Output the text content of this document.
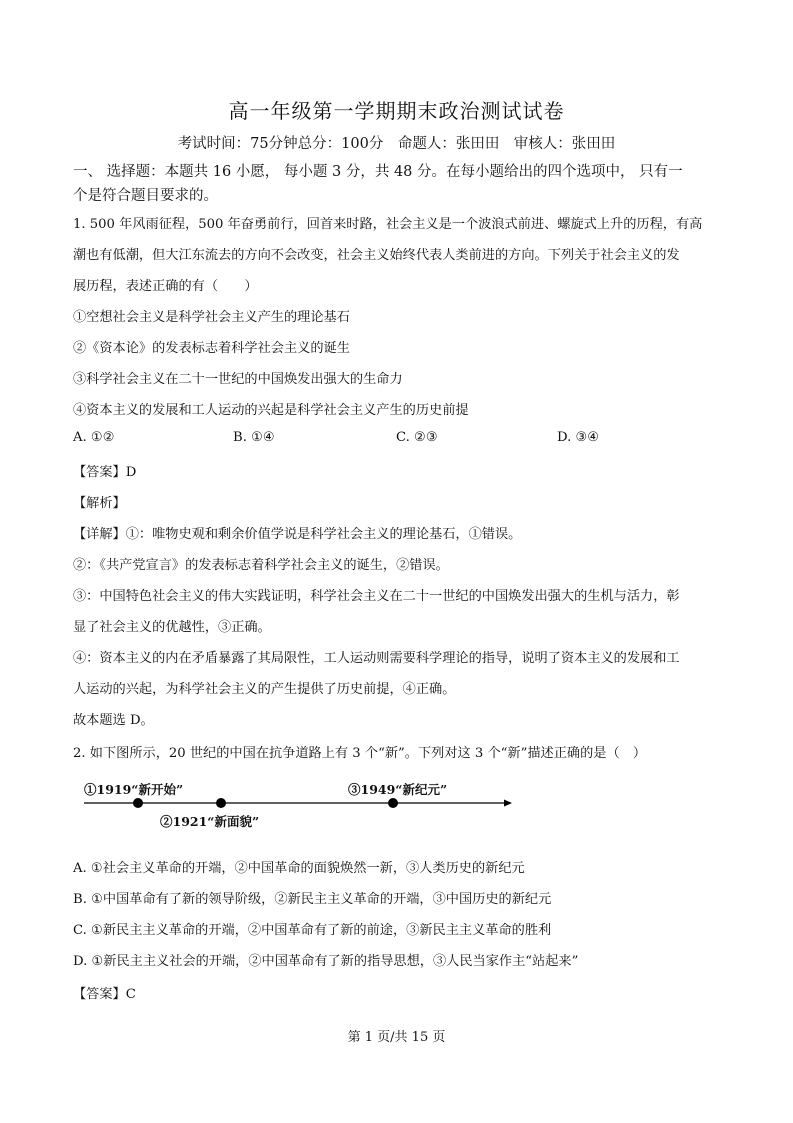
高一年级第一学期期末政治测试试卷
考试时间：75分钟总分：100分　命题人：张田田　审核人：张田田
一、 选择题：本题共 16 小愿， 每小题 3 分，共 48 分。在每小题给出的四个选项中， 只有一
个是符合题目要求的。
1. 500 年风雨征程，500 年奋勇前行，回首来时路，社会主义是一个波浪式前进、螺旋式上升的历程，有高
潮也有低潮，但大江东流去的方向不会改变，社会主义始终代表人类前进的方向。下列关于社会主义的发
展历程，表述正确的有（　　）
①空想社会主义是科学社会主义产生的理论基石
②《资本论》的发表标志着科学社会主义的诞生
③科学社会主义在二十一世纪的中国焕发出强大的生命力
④资本主义的发展和工人运动的兴起是科学社会主义产生的历史前提
A. ①②	B. ①④	C. ②③	D. ③④
【答案】D
【解析】
【详解】①：唯物史观和剩余价值学说是科学社会主义的理论基石，①错误。
②：《共产党宣言》的发表标志着科学社会主义的诞生，②错误。
③：中国特色社会主义的伟大实践证明，科学社会主义在二十一世纪的中国焕发出强大的生机与活力，彰
显了社会主义的优越性，③正确。
④：资本主义的内在矛盾暴露了其局限性，工人运动则需要科学理论的指导，说明了资本主义的发展和工
人运动的兴起，为科学社会主义的产生提供了历史前提，④正确。
故本题选 D。
2. 如下图所示，20 世纪的中国在抗争道路上有 3 个“新”。下列对这 3 个“新”描述正确的是（　）
①1919“新开始”
②1921“新面貌”
③1949“新纪元”
A. ①社会主义革命的开端，②中国革命的面貌焕然一新，③人类历史的新纪元
B. ①中国革命有了新的领导阶级，②新民主主义革命的开端，③中国历史的新纪元
C. ①新民主主义革命的开端，②中国革命有了新的前途，③新民主主义革命的胜利
D. ①新民主主义社会的开端，②中国革命有了新的指导思想，③人民当家作主“站起来”
【答案】C
第 1 页/共 15 页
